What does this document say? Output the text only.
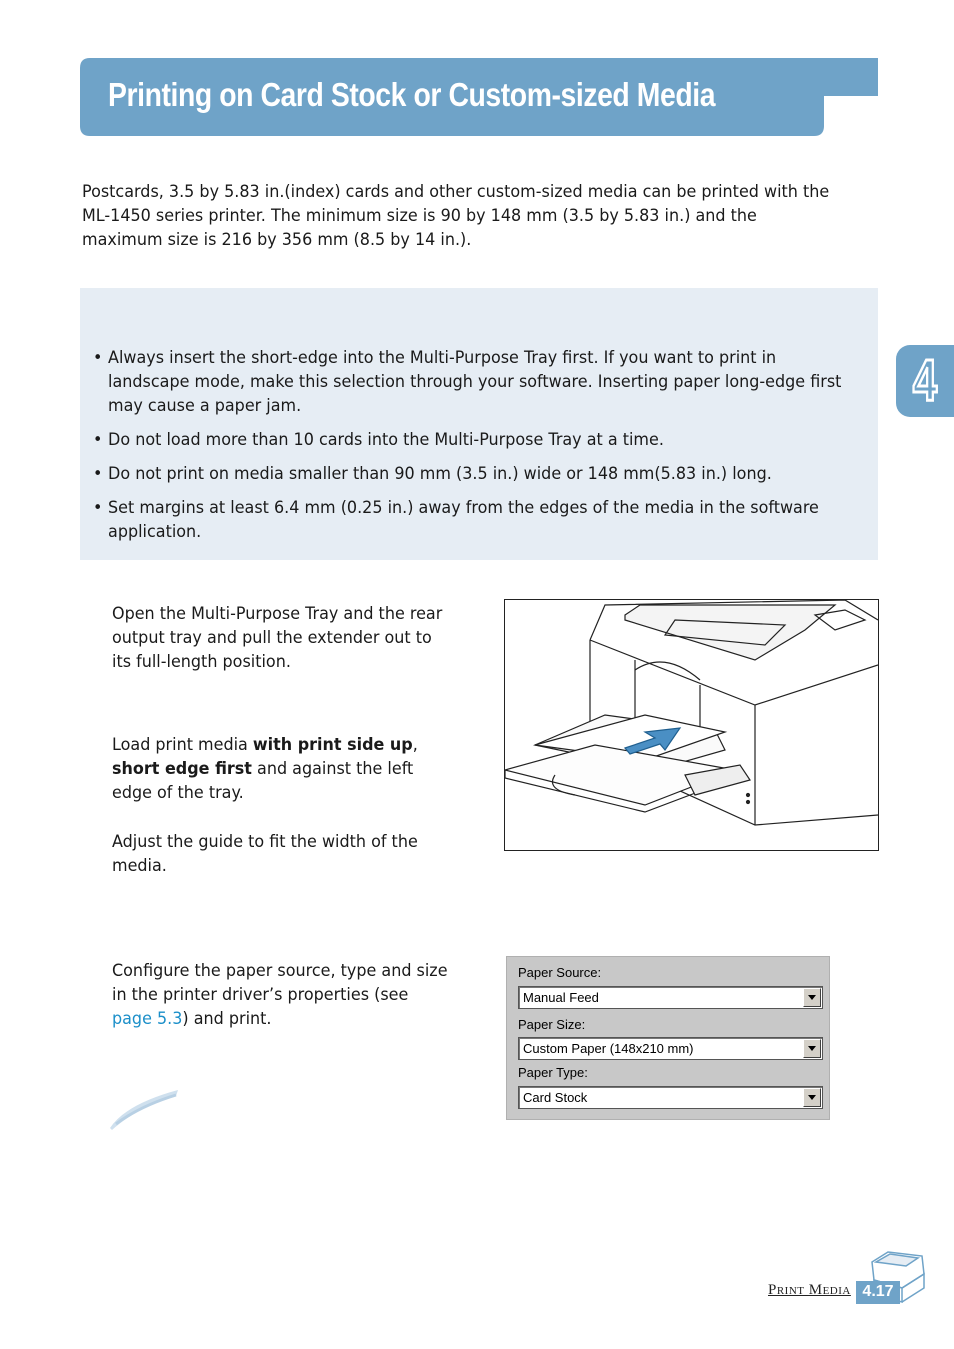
Printing on Card Stock or Custom-sized Media

Postcards, 3.5 by 5.83 in.(index) cards and other custom-sized media can be printed with the ML-1450 series printer. The minimum size is 90 by 148 mm (3.5 by 5.83 in.) and the maximum size is 216 by 356 mm (8.5 by 14 in.).

• Always insert the short-edge into the Multi-Purpose Tray first. If you want to print in landscape mode, make this selection through your software. Inserting paper long-edge first may cause a paper jam.
• Do not load more than 10 cards into the Multi-Purpose Tray at a time.
• Do not print on media smaller than 90 mm (3.5 in.) wide or 148 mm(5.83 in.) long.
• Set margins at least 6.4 mm (0.25 in.) away from the edges of the media in the software application.
4

Open the Multi-Purpose Tray and the rear output tray and pull the extender out to its full-length position.

Load print media with print side up, short edge first and against the left edge of the tray.

Adjust the guide to fit the width of the media.

Configure the paper source, type and size in the printer driver’s properties (see page 5.3) and print.

Paper Source:
Manual Feed
Paper Size:
Custom Paper (148x210 mm)
Paper Type:
Card Stock
Print Media 4.17
